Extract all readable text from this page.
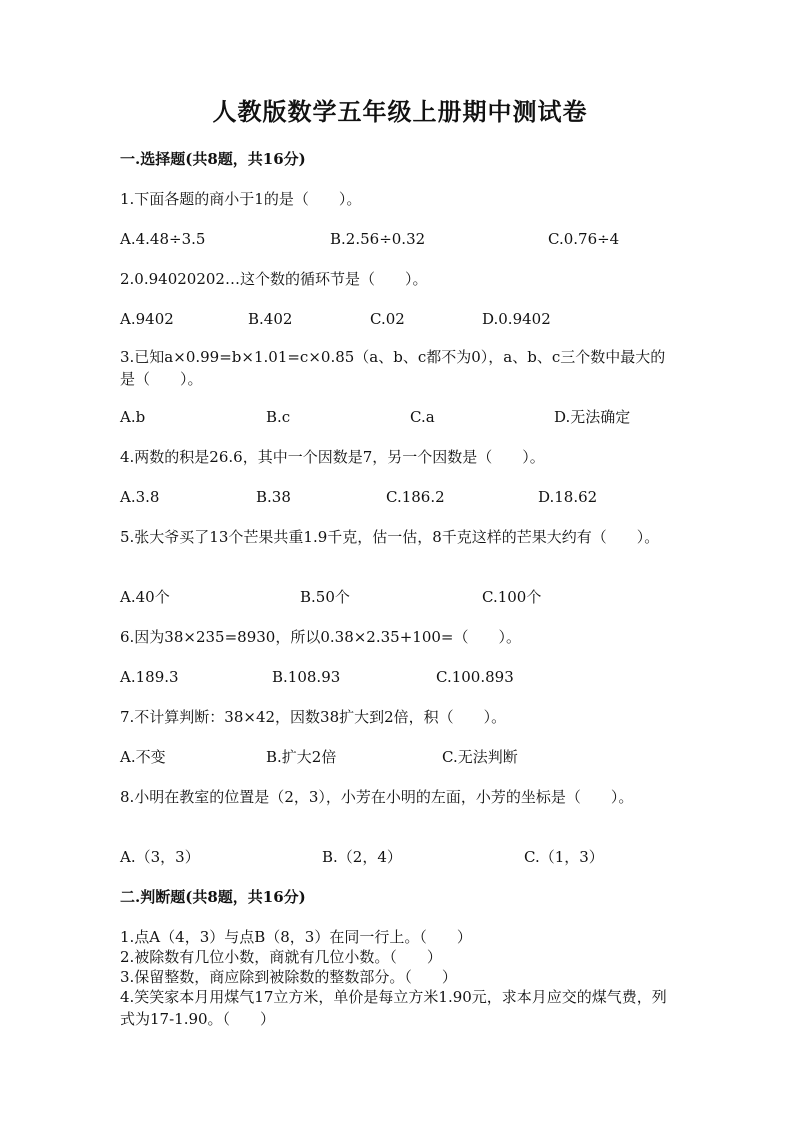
人教版数学五年级上册期中测试卷
一.选择题(共8题，共16分)
1.下面各题的商小于1的是（　　）。
A.4.48÷3.5	B.2.56÷0.32	C.0.76÷4
2.0.94020202…这个数的循环节是（　　）。
A.9402	B.402	C.02	D.0.9402
3.已知a×0.99=b×1.01=c×0.85（a、b、c都不为0），a、b、c三个数中最大的是（　　）。
A.b	B.c	C.a	D.无法确定
4.两数的积是26.6，其中一个因数是7，另一个因数是（　　）。
A.3.8	B.38	C.186.2	D.18.62
5.张大爷买了13个芒果共重1.9千克，估一估，8千克这样的芒果大约有（　　）。
A.40个	B.50个	C.100个
6.因为38×235=8930，所以0.38×2.35+100=（　　）。
A.189.3	B.108.93	C.100.893
7.不计算判断：38×42，因数38扩大到2倍，积（　　）。
A.不变	B.扩大2倍	C.无法判断
8.小明在教室的位置是（2，3），小芳在小明的左面，小芳的坐标是（　　）。
A.（3，3）	B.（2，4）	C.（1，3）
二.判断题(共8题，共16分)
1.点A（4，3）与点B（8，3）在同一行上。（　　）
2.被除数有几位小数，商就有几位小数。（　　）
3.保留整数，商应除到被除数的整数部分。（　　）
4.笑笑家本月用煤气17立方米，单价是每立方米1.90元，求本月应交的煤气费，列式为17-1.90。（　　）
